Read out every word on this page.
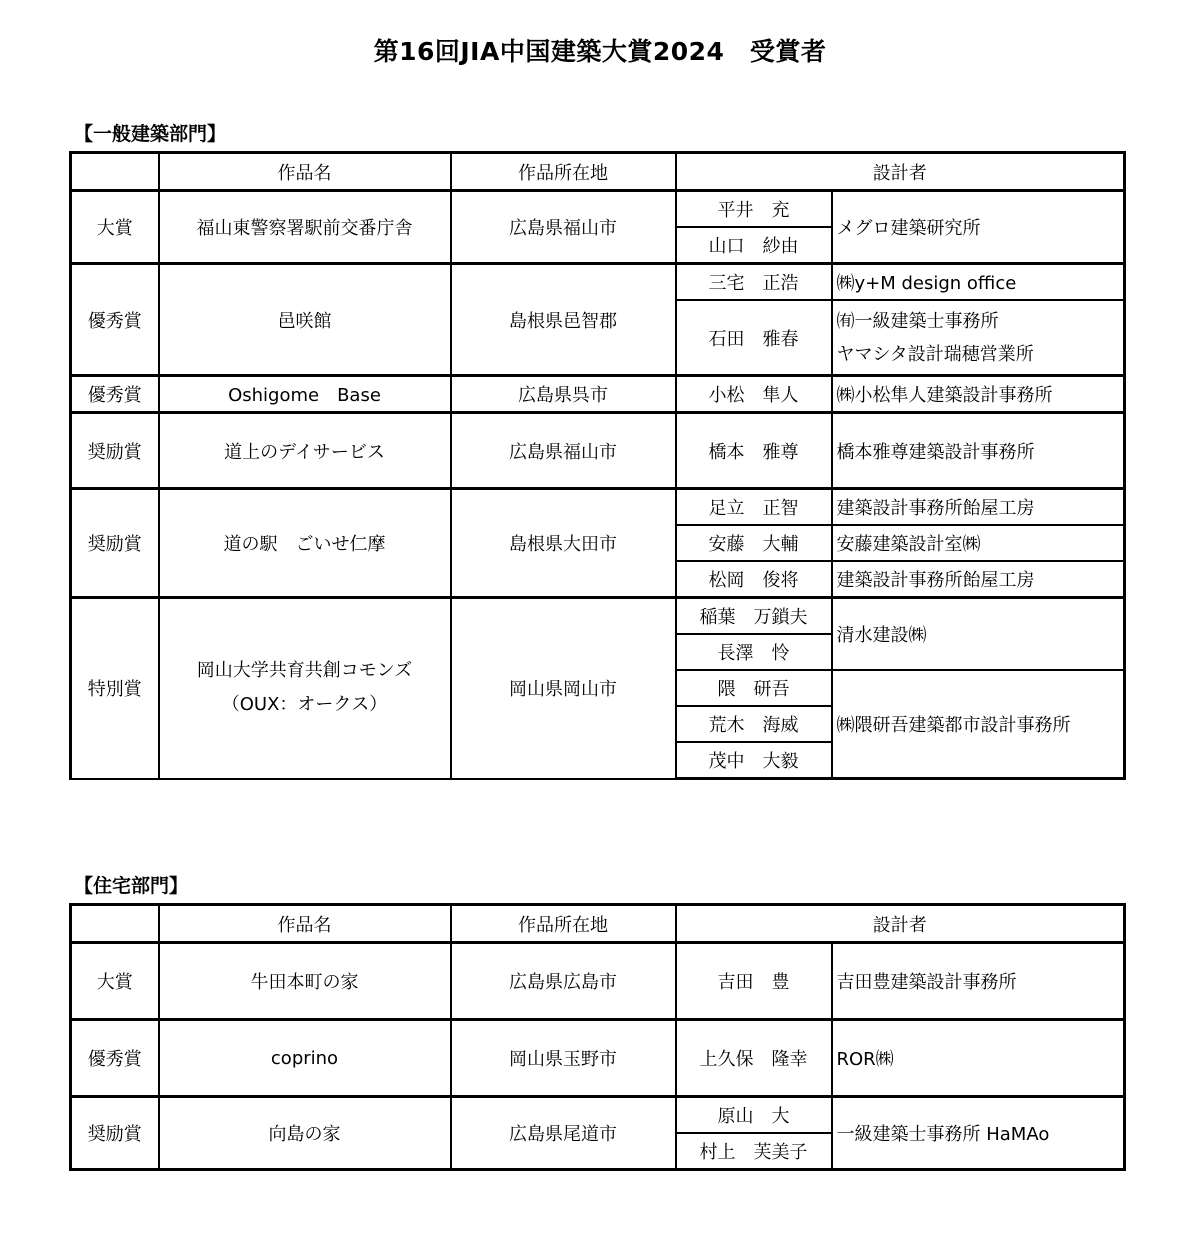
第16回JIA中国建築大賞2024　受賞者
【一般建築部門】
	作品名	作品所在地	設計者	
大賞	福山東警察署駅前交番庁舎	広島県福山市	平井　充	メグロ建築研究所
			山口　紗由	
優秀賞	邑咲館	島根県邑智郡	三宅　正浩	㈱y+M design office
			石田　雅春	㈲一級建築士事務所
ヤマシタ設計瑞穂営業所

優秀賞	Oshigome　Base	広島県呉市	小松　隼人	㈱小松隼人建築設計事務所
奨励賞	道上のデイサービス	広島県福山市	橋本　雅尊	橋本雅尊建築設計事務所
奨励賞	道の駅　ごいせ仁摩	島根県大田市	足立　正智	建築設計事務所飴屋工房
			安藤　大輔	安藤建築設計室㈱
			松岡　俊将	建築設計事務所飴屋工房
特別賞	岡山大学共育共創コモンズ
（OUX：オークス）	岡山県岡山市	稲葉　万鎖夫	清水建設㈱
			長澤　怜	
			隈　研吾	㈱隈研吾建築都市設計事務所
			荒木　海威	
			茂中　大毅	
【住宅部門】
	作品名	作品所在地	設計者	
大賞	牛田本町の家	広島県広島市	吉田　豊	吉田豊建築設計事務所
優秀賞	coprino	岡山県玉野市	上久保　隆幸	ROR㈱
奨励賞	向島の家	広島県尾道市	原山　大	一級建築士事務所 HaMAo
			村上　芙美子	
